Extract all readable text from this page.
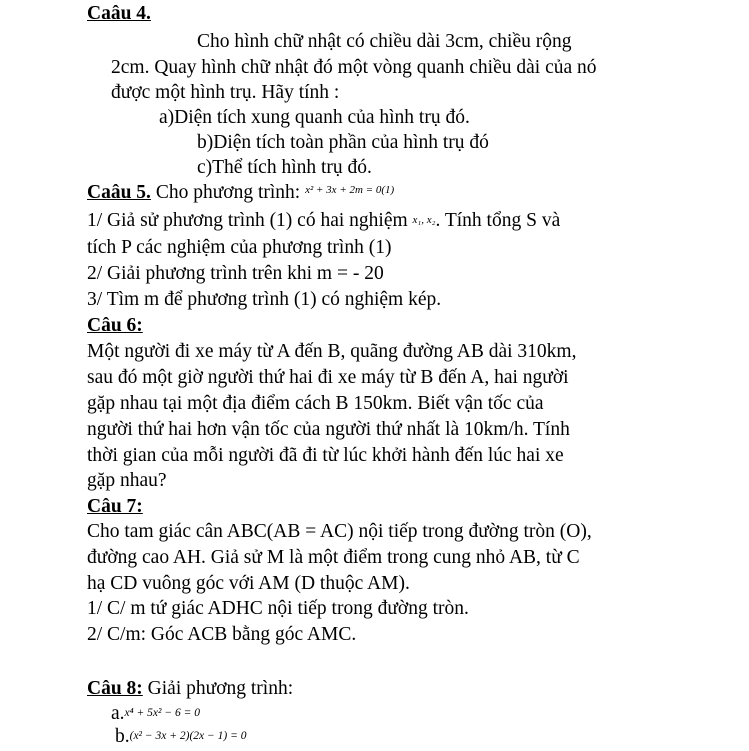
Caâu 4.
Cho hình chữ nhật có chiều dài 3cm, chiều rộng
2cm. Quay hình chữ nhật đó một vòng quanh chiều dài của nó
được một hình trụ. Hãy tính :
a)Diện tích xung quanh của hình trụ đó.
b)Diện tích toàn phần của hình trụ đó
c)Thể tích hình trụ đó.
Caâu 5. Cho phương trình: $^{x^2 + 3x + 2m = 0(1)}$
1/ Giả sử phương trình (1) có hai nghiệm x₁, x₂. Tính tổng S và
tích P các nghiệm của phương trình (1)
2/ Giải phương trình trên khi m = - 20
3/ Tìm m để phương trình (1) có nghiệm kép.
Câu 6:
Một người đi xe máy từ A đến B, quãng đường AB dài 310km,
sau đó một giờ người thứ hai đi xe máy từ B đến A, hai người
gặp nhau tại một địa điểm cách B 150km. Biết vận tốc của
người thứ hai hơn vận tốc của người thứ nhất là 10km/h. Tính
thời gian của mỗi người đã đi từ lúc khởi hành đến lúc hai xe
gặp nhau?
Câu 7:
Cho tam giác cân ABC(AB = AC) nội tiếp trong đường tròn (O),
đường cao AH. Giả sử M là một điểm trong cung nhỏ AB, từ C
hạ CD vuông góc với AM (D thuộc AM).
1/ C/ m tứ giác ADHC nội tiếp trong đường tròn.
2/ C/m: Góc ACB bằng góc AMC.
Câu 8: Giải phương trình:
a.x⁴ + 5x² − 6 = 0
b.(x² − 3x + 2)(2x − 1) = 0
